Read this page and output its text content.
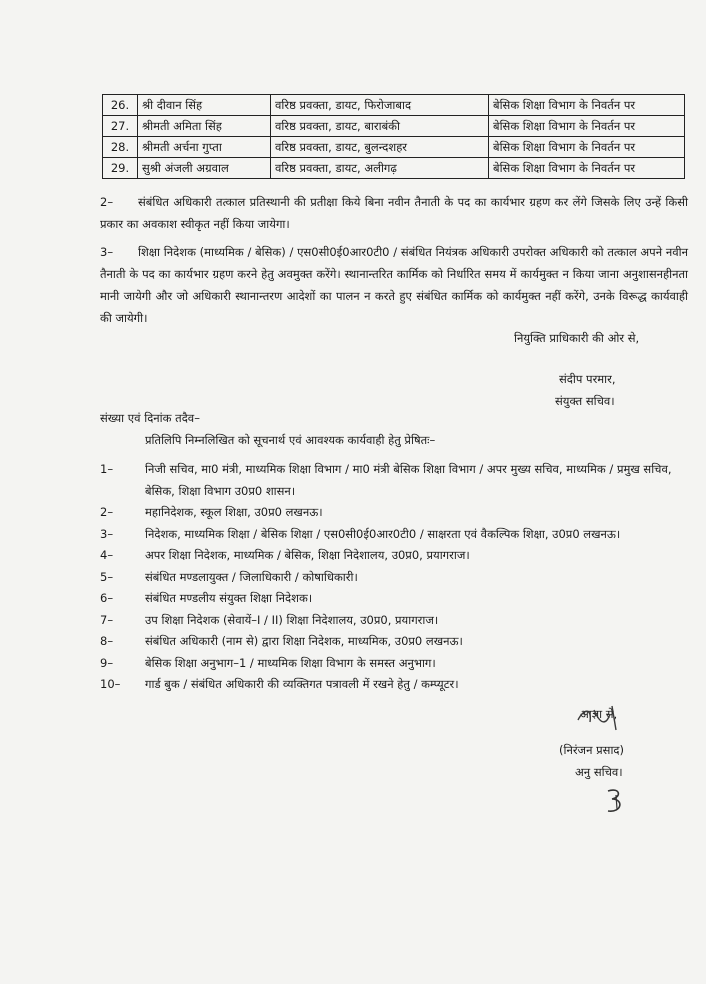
26.	श्री दीवान सिंह	वरिष्ठ प्रवक्ता, डायट, फिरोजाबाद	बेसिक शिक्षा विभाग के निवर्तन पर
27.	श्रीमती अमिता सिंह	वरिष्ठ प्रवक्ता, डायट, बाराबंकी	बेसिक शिक्षा विभाग के निवर्तन पर
28.	श्रीमती अर्चना गुप्ता	वरिष्ठ प्रवक्ता, डायट, बुलन्दशहर	बेसिक शिक्षा विभाग के निवर्तन पर
29.	सुश्री अंजली अग्रवाल	वरिष्ठ प्रवक्ता, डायट, अलीगढ़	बेसिक शिक्षा विभाग के निवर्तन पर
2– संबंधित अधिकारी तत्काल प्रतिस्थानी की प्रतीक्षा किये बिना नवीन तैनाती के पद का कार्यभार ग्रहण कर लेंगे जिसके लिए उन्हें किसी प्रकार का अवकाश स्वीकृत नहीं किया जायेगा।
3– शिक्षा निदेशक (माध्यमिक / बेसिक) / एस0सी0ई0आर0टी0 / संबंधित नियंत्रक अधिकारी उपरोक्त अधिकारी को तत्काल अपने नवीन तैनाती के पद का कार्यभार ग्रहण करने हेतु अवमुक्त करेंगे। स्थानान्तरित कार्मिक को निर्धारित समय में कार्यमुक्त न किया जाना अनुशासनहीनता मानी जायेगी और जो अधिकारी स्थानान्तरण आदेशों का पालन न करते हुए संबंधित कार्मिक को कार्यमुक्त नहीं करेंगे, उनके विरूद्ध कार्यवाही की जायेगी।
नियुक्ति प्राधिकारी की ओर से,
संदीप परमार,
संयुक्त सचिव।
संख्या एवं दिनांक तदैव–
प्रतिलिपि निम्नलिखित को सूचनार्थ एवं आवश्यक कार्यवाही हेतु प्रेषितः–
1–	निजी सचिव, मा0 मंत्री, माध्यमिक शिक्षा विभाग / मा0 मंत्री बेसिक शिक्षा विभाग / अपर मुख्य सचिव, माध्यमिक / प्रमुख सचिव, बेसिक, शिक्षा विभाग उ0प्र0 शासन।
2–	महानिदेशक, स्कूल शिक्षा, उ0प्र0 लखनऊ।
3–	निदेशक, माध्यमिक शिक्षा / बेसिक शिक्षा / एस0सी0ई0आर0टी0 / साक्षरता एवं वैकल्पिक शिक्षा, उ0प्र0 लखनऊ।
4–	अपर शिक्षा निदेशक, माध्यमिक / बेसिक, शिक्षा निदेशालय, उ0प्र0, प्रयागराज।
5–	संबंधित मण्डलायुक्त / जिलाधिकारी / कोषाधिकारी।
6–	संबंधित मण्डलीय संयुक्त शिक्षा निदेशक।
7–	उप शिक्षा निदेशक (सेवायें–I / II) शिक्षा निदेशालय, उ0प्र0, प्रयागराज।
8–	संबंधित अधिकारी (नाम से) द्वारा शिक्षा निदेशक, माध्यमिक, उ0प्र0 लखनऊ।
9–	बेसिक शिक्षा अनुभाग–1 / माध्यमिक शिक्षा विभाग के समस्त अनुभाग।
10–	गार्ड बुक / संबंधित अधिकारी की व्यक्तिगत पत्रावली में रखने हेतु / कम्प्यूटर।
आज्ञा से,
(निरंजन प्रसाद)
अनु सचिव।
